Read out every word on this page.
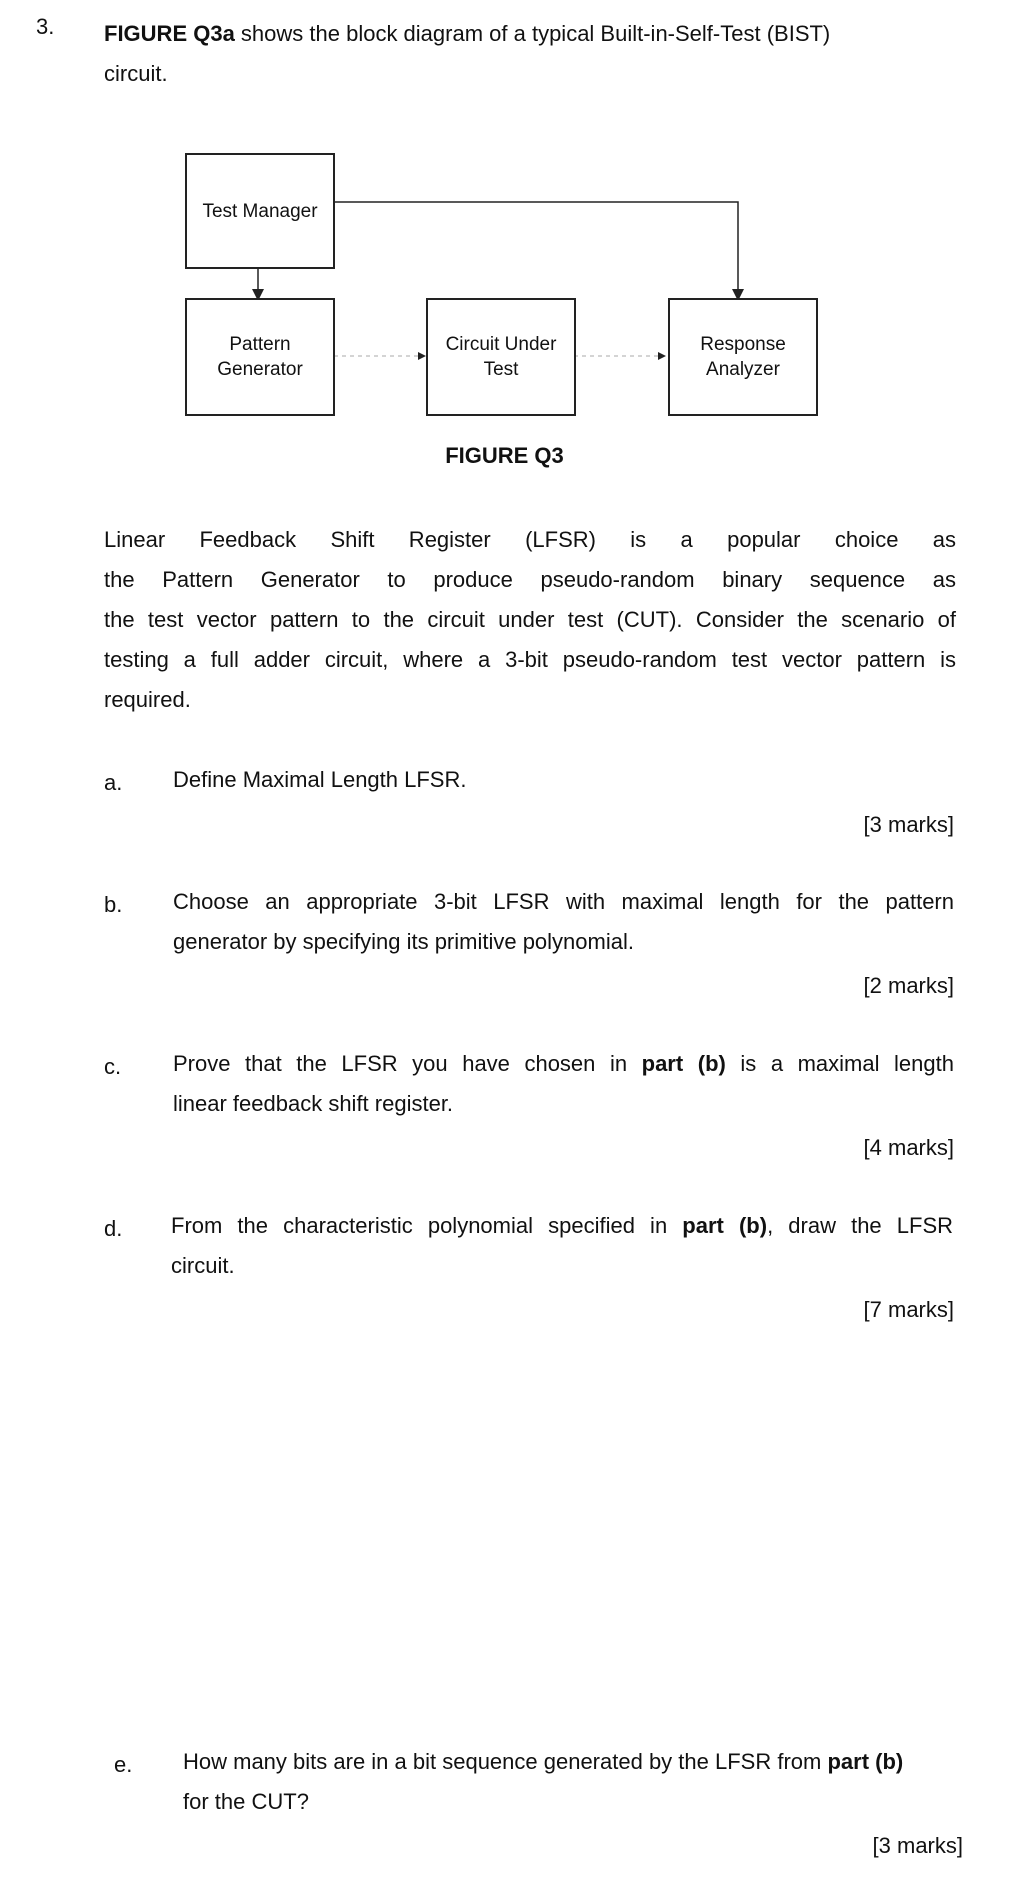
3. FIGURE Q3a shows the block diagram of a typical Built-in-Self-Test (BIST)
circuit.
Test Manager
Pattern
Generator
Circuit Under
Test
Response
Analyzer
FIGURE Q3
Linear Feedback Shift Register (LFSR) is a popular choice as
the Pattern Generator to produce pseudo-random binary sequence as
the test vector pattern to the circuit under test (CUT). Consider the scenario of
testing a full adder circuit, where a 3-bit pseudo-random test vector pattern is
required.
a. Define Maximal Length LFSR.
[3 marks]
b. Choose an appropriate 3-bit LFSR with maximal length for the pattern
generator by specifying its primitive polynomial.
[2 marks]
c. Prove that the LFSR you have chosen in part (b) is a maximal length
linear feedback shift register.
[4 marks]
d. From the characteristic polynomial specified in part (b), draw the LFSR
circuit.
[7 marks]
e. How many bits are in a bit sequence generated by the LFSR from part (b)
for the CUT?
[3 marks]
